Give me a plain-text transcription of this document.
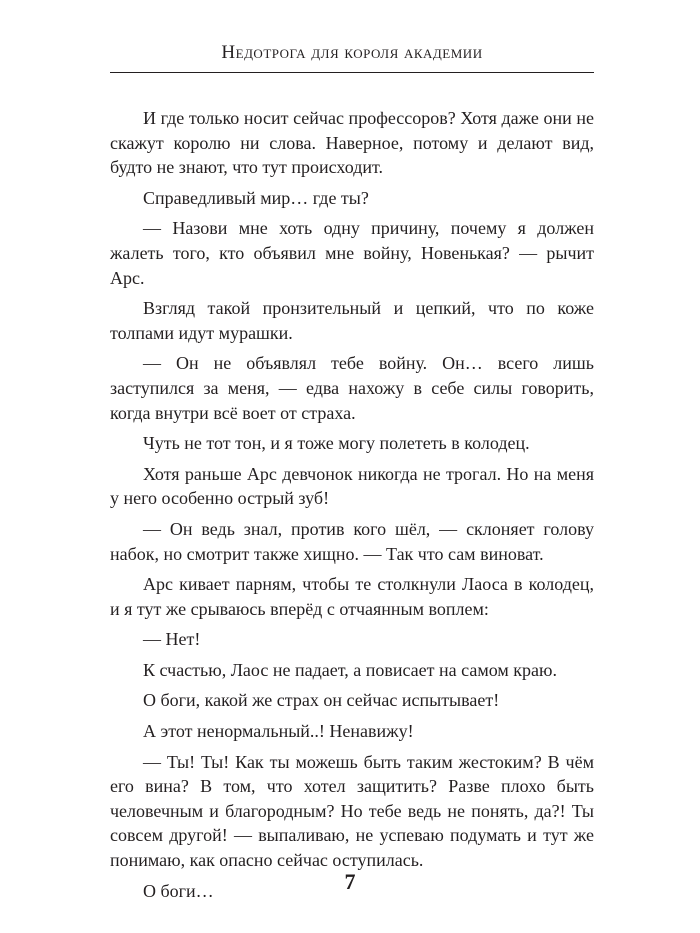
Недотрога для короля академии

И где только носит сейчас профессоров? Хотя даже они не скажут королю ни слова. Наверное, потому и делают вид, будто не знают, что тут происходит.

Справедливый мир… где ты?

— Назови мне хоть одну причину, почему я должен жалеть того, кто объявил мне войну, Новенькая? — рычит Арс.

Взгляд такой пронзительный и цепкий, что по коже толпами идут мурашки.

— Он не объявлял тебе войну. Он… всего лишь заступился за меня, — едва нахожу в себе силы говорить, когда внутри всё воет от страха.

Чуть не тот тон, и я тоже могу полететь в колодец.

Хотя раньше Арс девчонок никогда не трогал. Но на меня у него особенно острый зуб!

— Он ведь знал, против кого шёл, — склоняет голову набок, но смотрит также хищно. — Так что сам виноват.

Арс кивает парням, чтобы те столкнули Лаоса в колодец, и я тут же срываюсь вперёд с отчаянным воплем:

— Нет!

К счастью, Лаос не падает, а повисает на самом краю.

О боги, какой же страх он сейчас испытывает!

А этот ненормальный..! Ненавижу!

— Ты! Ты! Как ты можешь быть таким жестоким? В чём его вина? В том, что хотел защитить? Разве плохо быть человечным и благородным? Но тебе ведь не понять, да?! Ты совсем другой! — выпаливаю, не успеваю подумать и тут же понимаю, как опасно сейчас оступилась.

О боги…	7
